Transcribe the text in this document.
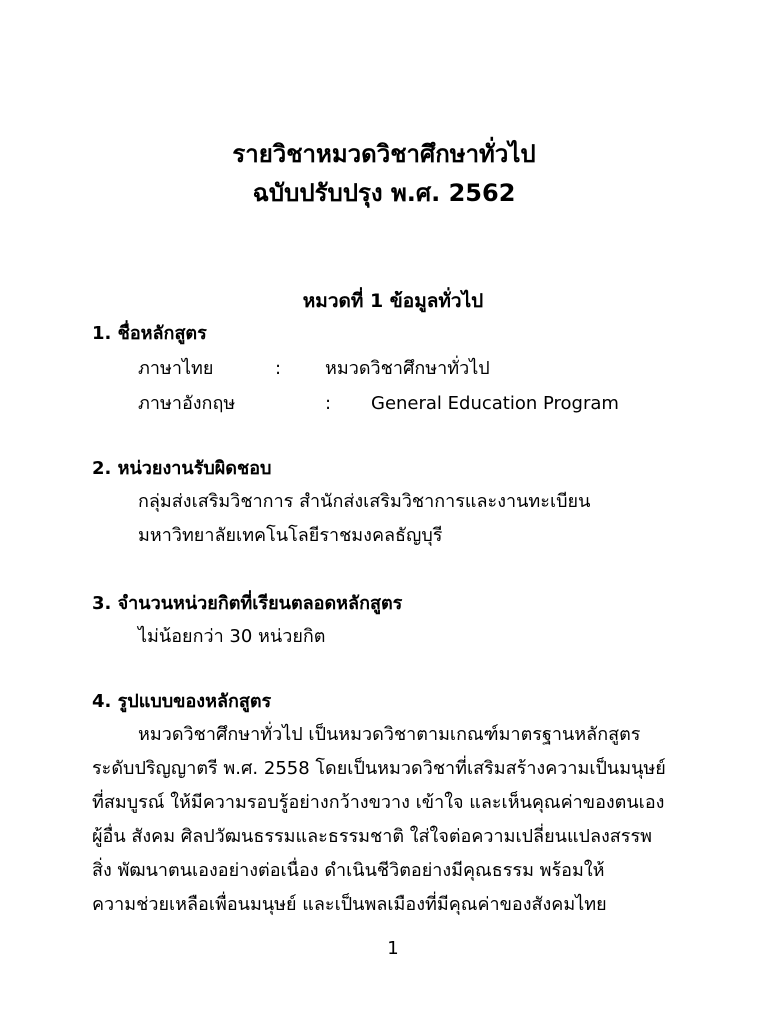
รายวิชาหมวดวิชาศึกษาทั่วไป
ฉบับปรับปรุง พ.ศ. 2562
หมวดที่ 1 ข้อมูลทั่วไป
1. ชื่อหลักสูตร
ภาษาไทย	: หมวดวิชาศึกษาทั่วไป
ภาษาอังกฤษ	: General Education Program
2. หน่วยงานรับผิดชอบ
กลุ่มส่งเสริมวิชาการ สำนักส่งเสริมวิชาการและงานทะเบียน
มหาวิทยาลัยเทคโนโลยีราชมงคลธัญบุรี
3. จำนวนหน่วยกิตที่เรียนตลอดหลักสูตร
ไม่น้อยกว่า 30 หน่วยกิต
4. รูปแบบของหลักสูตร
หมวดวิชาศึกษาทั่วไป เป็นหมวดวิชาตามเกณฑ์มาตรฐานหลักสูตร
ระดับปริญญาตรี พ.ศ. 2558 โดยเป็นหมวดวิชาที่เสริมสร้างความเป็นมนุษย์
ที่สมบูรณ์ ให้มีความรอบรู้อย่างกว้างขวาง เข้าใจ และเห็นคุณค่าของตนเอง
ผู้อื่น สังคม ศิลปวัฒนธรรมและธรรมชาติ ใส่ใจต่อความเปลี่ยนแปลงสรรพ
สิ่ง พัฒนาตนเองอย่างต่อเนื่อง ดำเนินชีวิตอย่างมีคุณธรรม พร้อมให้
ความช่วยเหลือเพื่อนมนุษย์ และเป็นพลเมืองที่มีคุณค่าของสังคมไทย
1
